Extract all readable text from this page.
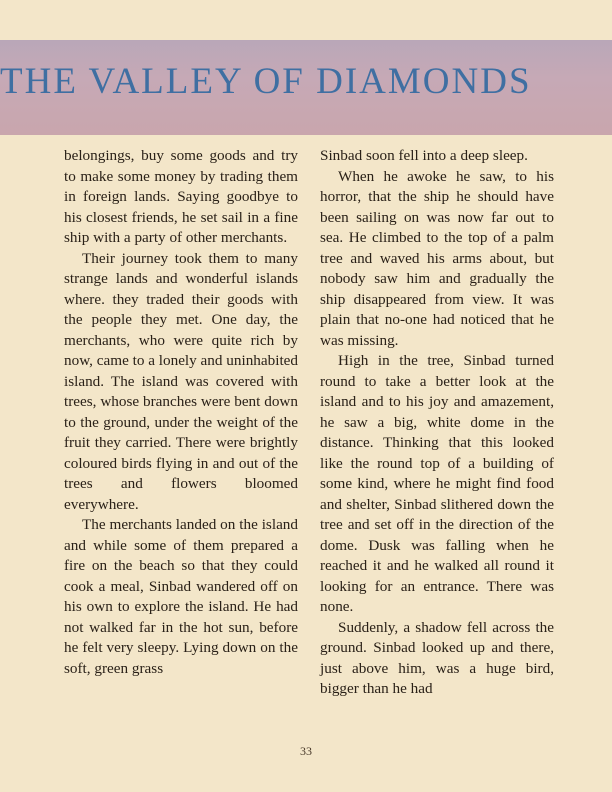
THE VALLEY OF DIAMONDS

belongings, buy some goods and try to make some money by trading them in foreign lands. Saying goodbye to his closest friends, he set sail in a fine ship with a party of other merchants.

Their journey took them to many strange lands and wonderful islands where. they traded their goods with the people they met. One day, the merchants, who were quite rich by now, came to a lonely and uninhabited island. The island was covered with trees, whose branches were bent down to the ground, under the weight of the fruit they carried. There were brightly coloured birds flying in and out of the trees and flowers bloomed everywhere.

The merchants landed on the island and while some of them prepared a fire on the beach so that they could cook a meal, Sinbad wandered off on his own to explore the island. He had not walked far in the hot sun, before he felt very sleepy. Lying down on the soft, green grass

Sinbad soon fell into a deep sleep.

When he awoke he saw, to his horror, that the ship he should have been sailing on was now far out to sea. He climbed to the top of a palm tree and waved his arms about, but nobody saw him and gradually the ship disappeared from view. It was plain that no-one had noticed that he was missing.

High in the tree, Sinbad turned round to take a better look at the island and to his joy and amazement, he saw a big, white dome in the distance. Thinking that this looked like the round top of a building of some kind, where he might find food and shelter, Sinbad slithered down the tree and set off in the direction of the dome. Dusk was falling when he reached it and he walked all round it looking for an entrance. There was none.

Suddenly, a shadow fell across the ground. Sinbad looked up and there, just above him, was a huge bird, bigger than he had

33
